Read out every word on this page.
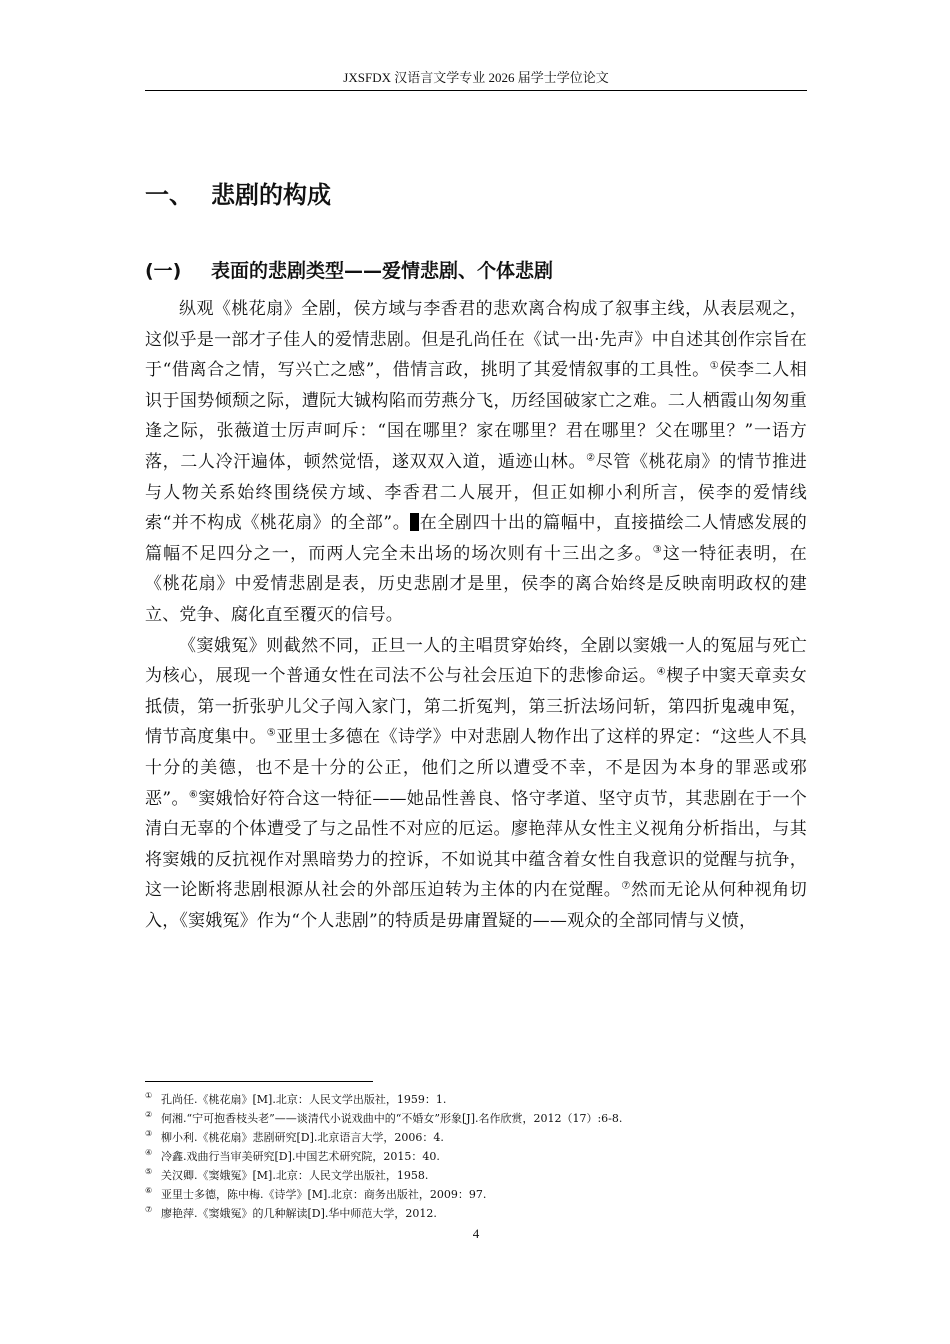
JXSFDX 汉语言文学专业 2026 届学士学位论文
一、 悲剧的构成
(一) 表面的悲剧类型——爱情悲剧、个体悲剧

纵观《桃花扇》全剧，侯方域与李香君的悲欢离合构成了叙事主线，从表层观之，这似乎是一部才子佳人的爱情悲剧。但是孔尚任在《试一出·先声》中自述其创作宗旨在于“借离合之情，写兴亡之感”，借情言政，挑明了其爱情叙事的工具性。①侯李二人相识于国势倾颓之际，遭阮大铖构陷而劳燕分飞，历经国破家亡之难。二人栖霞山匆匆重逢之际，张薇道士厉声呵斥：“国在哪里？家在哪里？君在哪里？父在哪里？”一语方落，二人冷汗遍体，顿然觉悟，遂双双入道，遁迹山林。②尽管《桃花扇》的情节推进与人物关系始终围绕侯方域、李香君二人展开，但正如柳小利所言，侯李的爱情线索“并不构成《桃花扇》的全部”。 在全剧四十出的篇幅中，直接描绘二人情感发展的篇幅不足四分之一，而两人完全未出场的场次则有十三出之多。③这一特征表明，在《桃花扇》中爱情悲剧是表，历史悲剧才是里，侯李的离合始终是反映南明政权的建立、党争、腐化直至覆灭的信号。

《窦娥冤》则截然不同，正旦一人的主唱贯穿始终，全剧以窦娥一人的冤屈与死亡为核心，展现一个普通女性在司法不公与社会压迫下的悲惨命运。④楔子中窦天章卖女抵债，第一折张驴儿父子闯入家门，第二折冤判，第三折法场问斩，第四折鬼魂申冤，情节高度集中。⑤亚里士多德在《诗学》中对悲剧人物作出了这样的界定：“这些人不具十分的美德，也不是十分的公正，他们之所以遭受不幸，不是因为本身的罪恶或邪恶”。⑥窦娥恰好符合这一特征——她品性善良、恪守孝道、坚守贞节，其悲剧在于一个清白无辜的个体遭受了与之品性不对应的厄运。廖艳萍从女性主义视角分析指出，与其将窦娥的反抗视作对黑暗势力的控诉，不如说其中蕴含着女性自我意识的觉醒与抗争，这一论断将悲剧根源从社会的外部压迫转为主体的内在觉醒。⑦然而无论从何种视角切入，《窦娥冤》作为“个人悲剧”的特质是毋庸置疑的——观众的全部同情与义愤，

① 孔尚任.《桃花扇》[M].北京：人民文学出版社，1959：1.
② 何湘.“宁可抱香枝头老”——谈清代小说戏曲中的“不婚女”形象[J].名作欣赏，2012（17）:6-8.
③ 柳小利.《桃花扇》悲剧研究[D].北京语言大学，2006：4.
④ 冷鑫.戏曲行当审美研究[D].中国艺术研究院，2015：40.
⑤ 关汉卿.《窦娥冤》[M].北京：人民文学出版社，1958.
⑥ 亚里士多德，陈中梅.《诗学》[M].北京：商务出版社，2009：97.
⑦ 廖艳萍.《窦娥冤》的几种解读[D].华中师范大学，2012.
4
